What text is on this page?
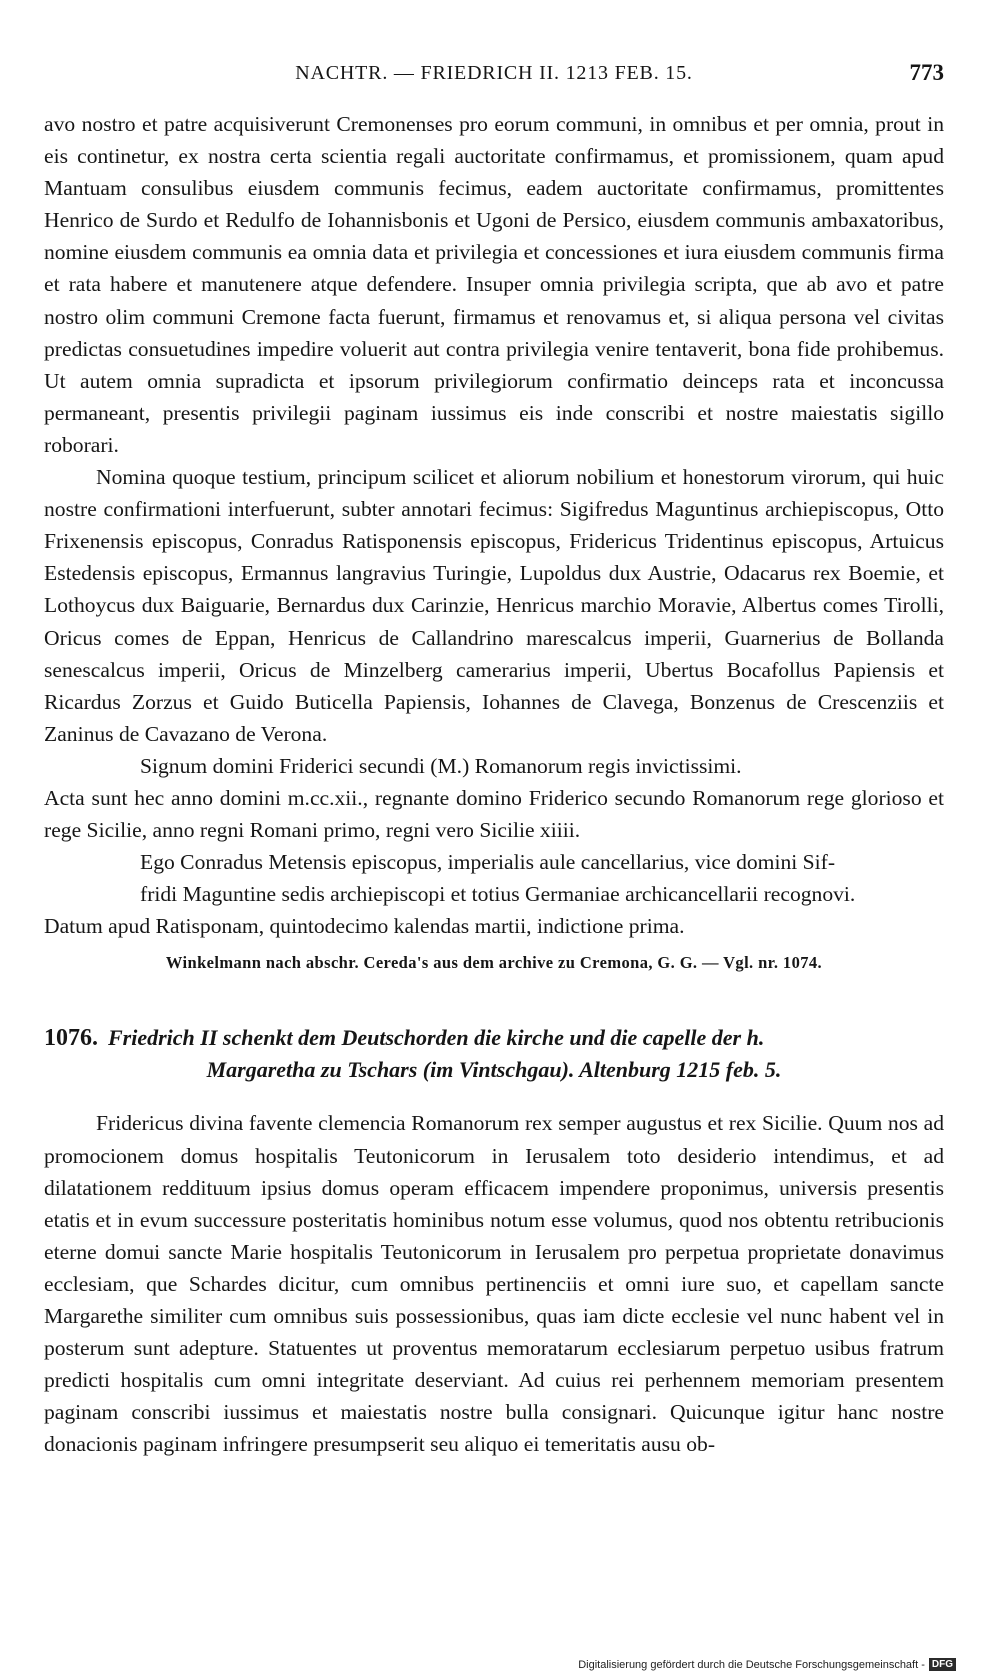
NACHTR. — FRIEDRICH II. 1213 FEB. 15.	773

avo nostro et patre acquisiverunt Cremonenses pro eorum communi, in omnibus et per omnia, prout in eis continetur, ex nostra certa scientia regali auctoritate confirmamus, et promissionem, quam apud Mantuam consulibus eiusdem communis fecimus, eadem auctoritate confirmamus, promittentes Henrico de Surdo et Redulfo de Iohannisbonis et Ugoni de Persico, eiusdem communis ambaxatoribus, nomine eiusdem communis ea omnia data et privilegia et concessiones et iura eiusdem communis firma et rata habere et manutenere atque defendere. Insuper omnia privilegia scripta, que ab avo et patre nostro olim communi Cremone facta fuerunt, firmamus et renovamus et, si aliqua persona vel civitas predictas consuetudines impedire voluerit aut contra privilegia venire tentaverit, bona fide prohibemus. Ut autem omnia supradicta et ipsorum privilegiorum confirmatio deinceps rata et inconcussa permaneant, presentis privilegii paginam iussimus eis inde conscribi et nostre maiestatis sigillo roborari.

Nomina quoque testium, principum scilicet et aliorum nobilium et honestorum virorum, qui huic nostre confirmationi interfuerunt, subter annotari fecimus: Sigifredus Maguntinus archiepiscopus, Otto Frixenensis episcopus, Conradus Ratisponensis episcopus, Fridericus Tridentinus episcopus, Artuicus Estedensis episcopus, Ermannus langravius Turingie, Lupoldus dux Austrie, Odacarus rex Boemie, et Lothoycus dux Baiguarie, Bernardus dux Carinzie, Henricus marchio Moravie, Albertus comes Tirolli, Oricus comes de Eppan, Henricus de Callandrino marescalcus imperii, Guarnerius de Bollanda senescalcus imperii, Oricus de Minzelberg camerarius imperii, Ubertus Bocafollus Papiensis et Ricardus Zorzus et Guido Buticella Papiensis, Iohannes de Clavega, Bonzenus de Crescenziis et Zaninus de Cavazano de Verona.

Signum domini Friderici secundi (M.) Romanorum regis invictissimi.

Acta sunt hec anno domini m.cc.xii., regnante domino Friderico secundo Romanorum rege glorioso et rege Sicilie, anno regni Romani primo, regni vero Sicilie xiiii.

Ego Conradus Metensis episcopus, imperialis aule cancellarius, vice domini Sif-
fridi Maguntine sedis archiepiscopi et totius Germaniae archicancellarii recognovi.

Datum apud Ratisponam, quintodecimo kalendas martii, indictione prima.

Winkelmann nach abschr. Cereda's aus dem archive zu Cremona, G. G. — Vgl. nr. 1074.

1076. Friedrich II schenkt dem Deutschorden die kirche und die capelle der h.
Margaretha zu Tschars (im Vintschgau). Altenburg 1215 feb. 5.

Fridericus divina favente clemencia Romanorum rex semper augustus et rex Sicilie. Quum nos ad promocionem domus hospitalis Teutonicorum in Ierusalem toto desiderio intendimus, et ad dilatationem reddituum ipsius domus operam efficacem impendere proponimus, universis presentis etatis et in evum successure posteritatis hominibus notum esse volumus, quod nos obtentu retribucionis eterne domui sancte Marie hospitalis Teutonicorum in Ierusalem pro perpetua proprietate donavimus ecclesiam, que Schardes dicitur, cum omnibus pertinenciis et omni iure suo, et capellam sancte Margarethe similiter cum omnibus suis possessionibus, quas iam dicte ecclesie vel nunc habent vel in posterum sunt adepture. Statuentes ut proventus memoratarum ecclesiarum perpetuo usibus fratrum predicti hospitalis cum omni integritate deserviant. Ad cuius rei perhennem memoriam presentem paginam conscribi iussimus et maiestatis nostre bulla consignari. Quicunque igitur hanc nostre donacionis paginam infringere presumpserit seu aliquo ei temeritatis ausu ob-

Digitalisierung gefördert durch die Deutsche Forschungsgemeinschaft - DFG
